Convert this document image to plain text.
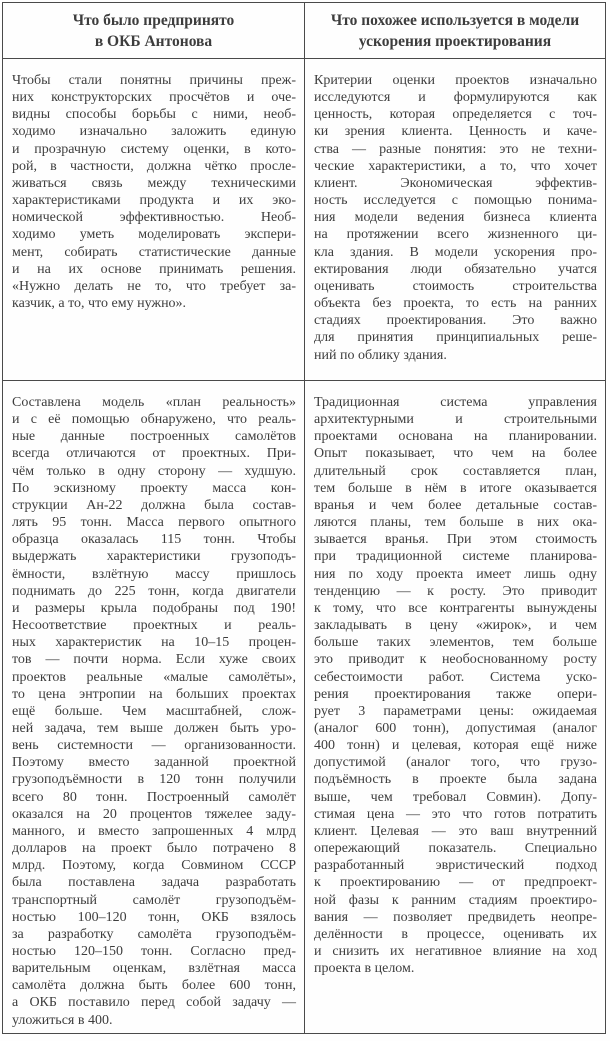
Что было предпринято
в ОКБ Антонова
Что похожее используется в модели
ускорения проектирования
Чтобы стали понятны причины преж-
них конструкторских просчётов и оче-
видны способы борьбы с ними, необ-
ходимо изначально заложить единую
и прозрачную систему оценки, в кото-
рой, в частности, должна чётко просле-
живаться связь между техническими
характеристиками продукта и их эко-
номической эффективностью. Необ-
ходимо уметь моделировать экспери-
мент, собирать статистические данные
и на их основе принимать решения.
«Нужно делать не то, что требует за-
казчик, а то, что ему нужно».
Критерии оценки проектов изначально
исследуются и формулируются как
ценность, которая определяется с точ-
ки зрения клиента. Ценность и каче-
ства — разные понятия: это не техни-
ческие характеристики, а то, что хочет
клиент. Экономическая эффектив-
ность исследуется с помощью понима-
ния модели ведения бизнеса клиента
на протяжении всего жизненного ци-
кла здания. В модели ускорения про-
ектирования люди обязательно учатся
оценивать стоимость строительства
объекта без проекта, то есть на ранних
стадиях проектирования. Это важно
для принятия принципиальных реше-
ний по облику здания.
Составлена модель «план реальность»
и с её помощью обнаружено, что реаль-
ные данные построенных самолётов
всегда отличаются от проектных. При-
чём только в одну сторону — худшую.
По эскизному проекту масса кон-
струкции Ан-22 должна была состав-
лять 95 тонн. Масса первого опытного
образца оказалась 115 тонн. Чтобы
выдержать характеристики грузоподъ-
ёмности, взлётную массу пришлось
поднимать до 225 тонн, когда двигатели
и размеры крыла подобраны под 190!
Несоответствие проектных и реаль-
ных характеристик на 10–15 процен-
тов — почти норма. Если хуже своих
проектов реальные «малые самолёты»,
то цена энтропии на больших проектах
ещё больше. Чем масштабней, слож-
ней задача, тем выше должен быть уро-
вень системности — организованности.
Поэтому вместо заданной проектной
грузоподъёмности в 120 тонн получили
всего 80 тонн. Построенный самолёт
оказался на 20 процентов тяжелее заду-
манного, и вместо запрошенных 4 млрд
долларов на проект было потрачено 8
млрд. Поэтому, когда Совмином СССР
была поставлена задача разработать
транспортный самолёт грузоподъём-
ностью 100–120 тонн, ОКБ взялось
за разработку самолёта грузоподъём-
ностью 120–150 тонн. Согласно пред-
варительным оценкам, взлётная масса
самолёта должна быть более 600 тонн,
а ОКБ поставило перед собой задачу —
уложиться в 400.
Традиционная система управления
архитектурными и строительными
проектами основана на планировании.
Опыт показывает, что чем на более
длительный срок составляется план,
тем больше в нём в итоге оказывается
вранья и чем более детальные состав-
ляются планы, тем больше в них ока-
зывается вранья. При этом стоимость
при традиционной системе планирова-
ния по ходу проекта имеет лишь одну
тенденцию — к росту. Это приводит
к тому, что все контрагенты вынуждены
закладывать в цену «жирок», и чем
больше таких элементов, тем больше
это приводит к необоснованному росту
себестоимости работ. Система уско-
рения проектирования также опери-
рует 3 параметрами цены: ожидаемая
(аналог 600 тонн), допустимая (аналог
400 тонн) и целевая, которая ещё ниже
допустимой (аналог того, что грузо-
подъёмность в проекте была задана
выше, чем требовал Совмин). Допу-
стимая цена — это что готов потратить
клиент. Целевая — это ваш внутренний
опережающий показатель. Специально
разработанный эвристический подход
к проектированию — от предпроект-
ной фазы к ранним стадиям проектиро-
вания — позволяет предвидеть неопре-
делённости в процессе, оценивать их
и снизить их негативное влияние на ход
проекта в целом.
